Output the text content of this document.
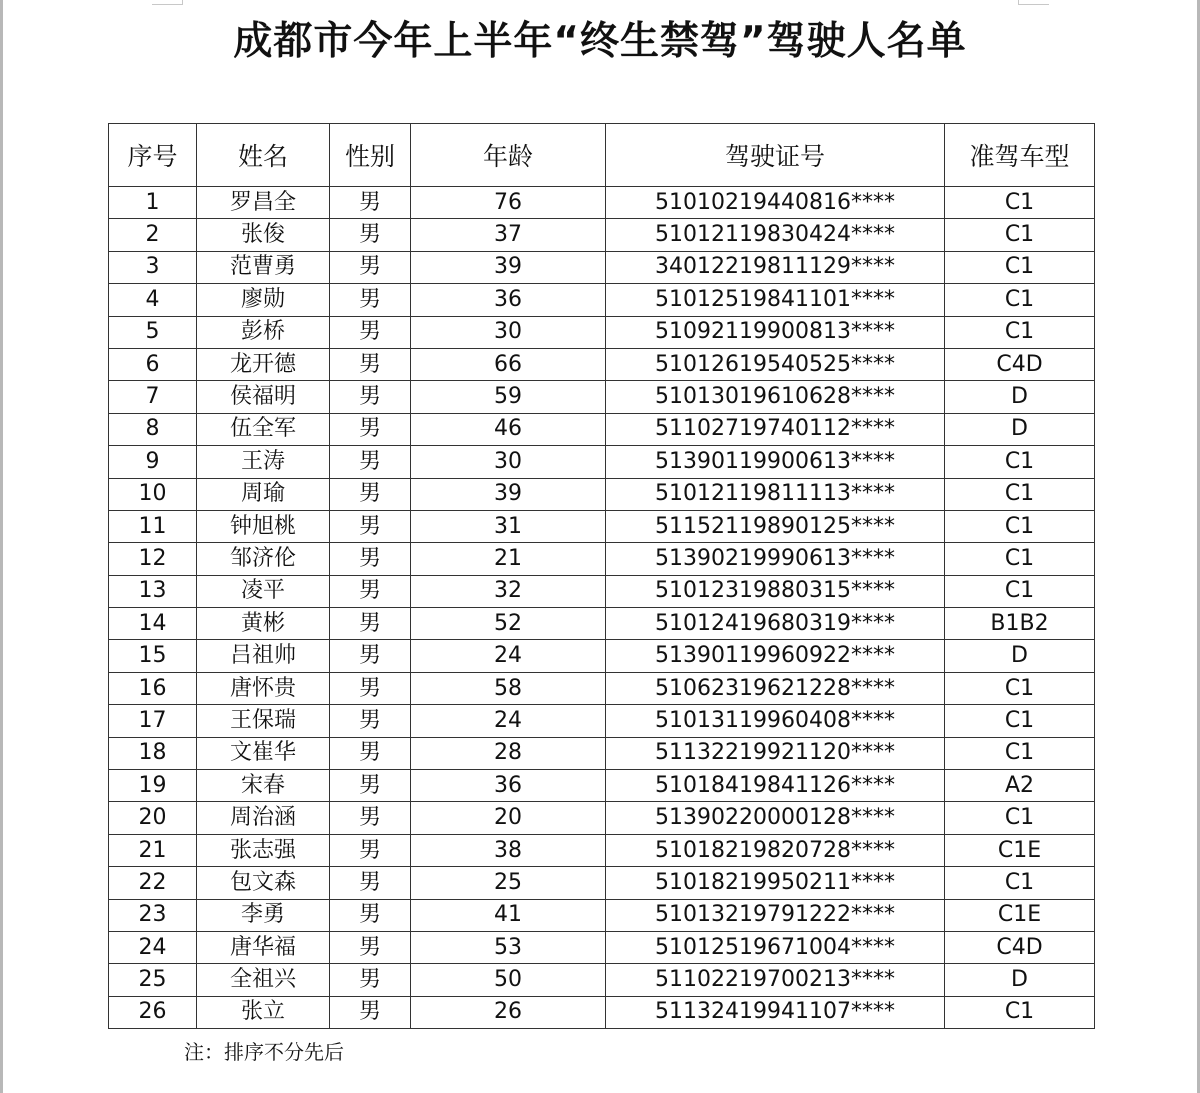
成都市今年上半年“终生禁驾”驾驶人名单
序号	姓名	性别	年龄	驾驶证号	准驾车型
1	罗昌全	男	76	51010219440816****	C1
2	张俊	男	37	51012119830424****	C1
3	范曹勇	男	39	34012219811129****	C1
4	廖勋	男	36	51012519841101****	C1
5	彭桥	男	30	51092119900813****	C1
6	龙开德	男	66	51012619540525****	C4D
7	侯福明	男	59	51013019610628****	D
8	伍全军	男	46	51102719740112****	D
9	王涛	男	30	51390119900613****	C1
10	周瑜	男	39	51012119811113****	C1
11	钟旭桃	男	31	51152119890125****	C1
12	邹济伦	男	21	51390219990613****	C1
13	凌平	男	32	51012319880315****	C1
14	黄彬	男	52	51012419680319****	B1B2
15	吕祖帅	男	24	51390119960922****	D
16	唐怀贵	男	58	51062319621228****	C1
17	王保瑞	男	24	51013119960408****	C1
18	文崔华	男	28	51132219921120****	C1
19	宋春	男	36	51018419841126****	A2
20	周治涵	男	20	51390220000128****	C1
21	张志强	男	38	51018219820728****	C1E
22	包文森	男	25	51018219950211****	C1
23	李勇	男	41	51013219791222****	C1E
24	唐华福	男	53	51012519671004****	C4D
25	全祖兴	男	50	51102219700213****	D
26	张立	男	26	51132419941107****	C1
注：排序不分先后
